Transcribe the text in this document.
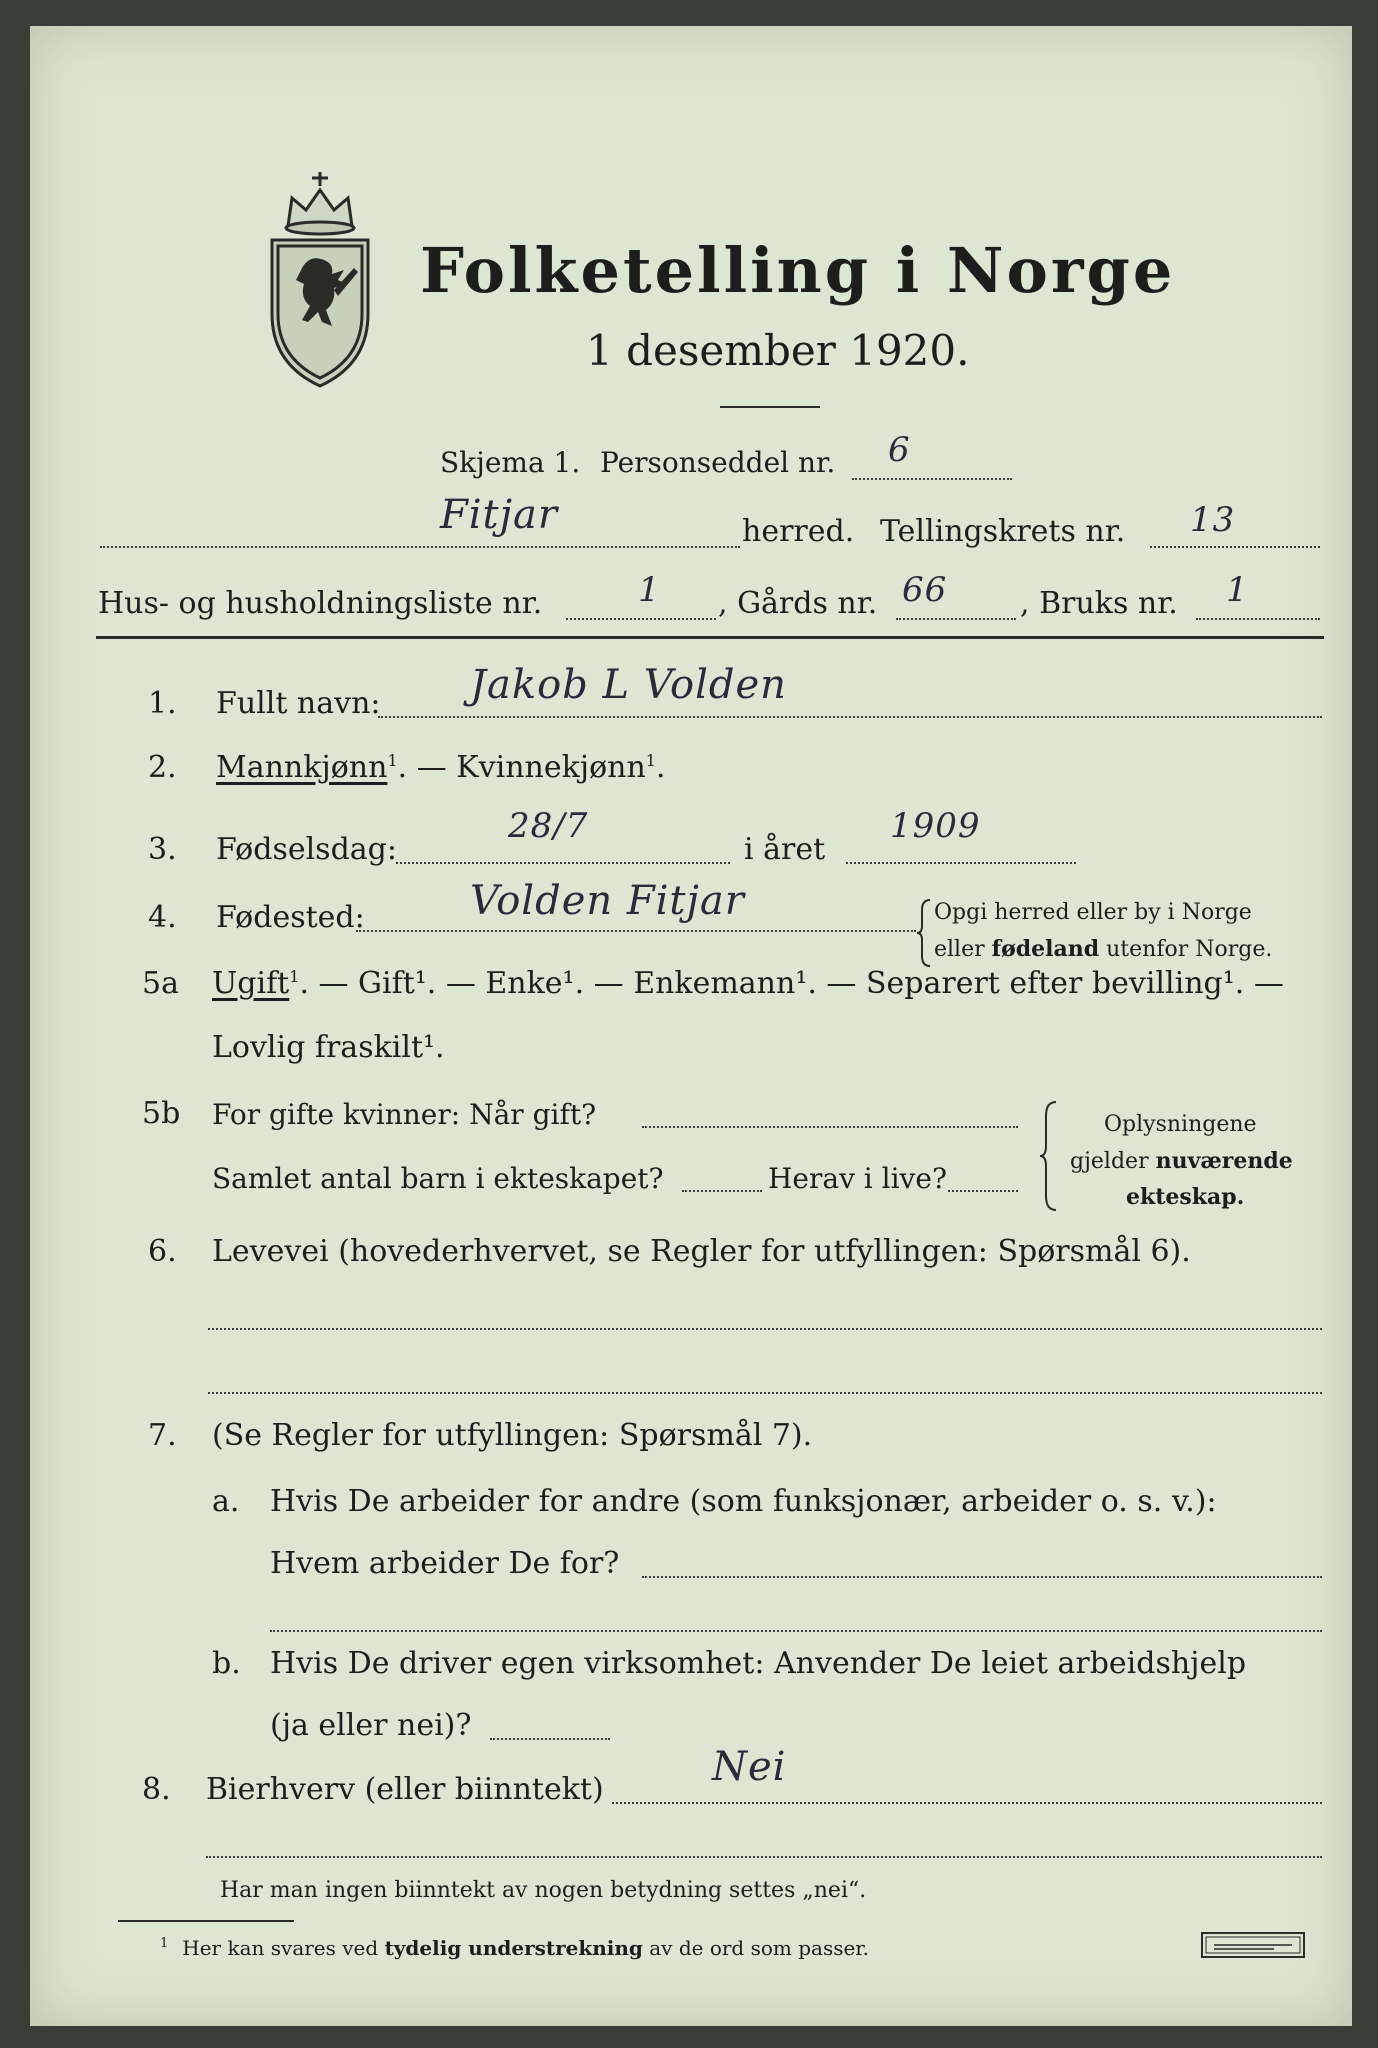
Folketelling i Norge
1 desember 1920.
Skjema 1. Personseddel nr. 6
Fitjar	herred. Tellingskrets nr. 13
Hus- og husholdningsliste nr.	1 , Gårds nr. 66 , Bruks nr. 1
1. Fullt navn: Jakob L Volden
2. Mannkjønn$^1$. — Kvinnekjønn$^1$.
3. Fødselsdag:
28/7
i året
1909
4. Fødested:	Volden Fitjar	Opgi herred eller by i Norge
eller fødeland utenfor Norge.
5a Ugift$^1$. — Gift¹. — Enke¹. — Enkemann¹. — Separert efter bevilling¹. —
Lovlig fraskilt¹.
5b For gifte kvinner: Når gift?
Samlet antal barn i ekteskapet?	Herav i live?
Oplysningene
gjelder nuværende
ekteskap.
6. Levevei (hovederhvervet, se Regler for utfyllingen: Spørsmål 6).
7. (Se Regler for utfyllingen: Spørsmål 7).
a. Hvis De arbeider for andre (som funksjonær, arbeider o. s. v.):
Hvem arbeider De for?
b. Hvis De driver egen virksomhet: Anvender De leiet arbeidshjelp
(ja eller nei)?
8. Bierhverv (eller biinntekt)	Nei
Har man ingen biinntekt av nogen betydning settes „nei“.
$^1$ Her kan svares ved tydelig understrekning av de ord som passer.
